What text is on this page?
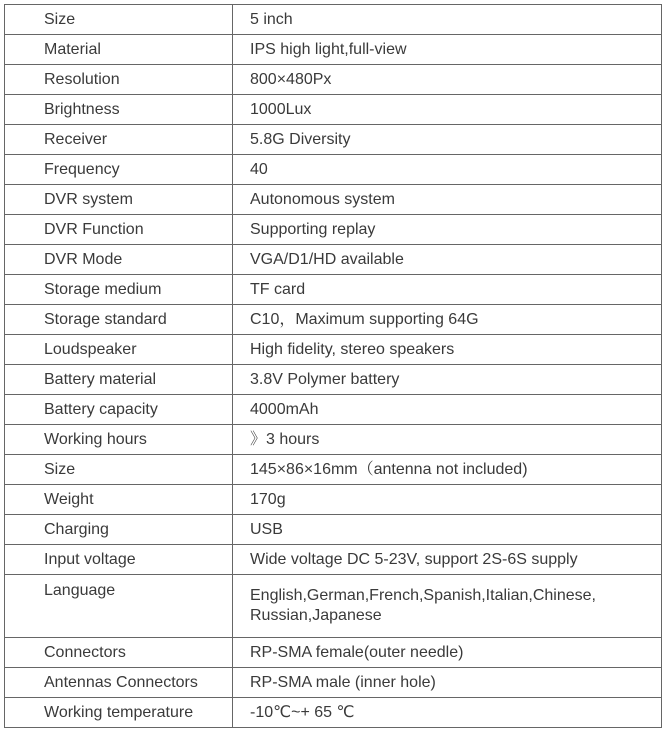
Size	5 inch
Material	IPS high light,full-view
Resolution	800×480Px
Brightness	1000Lux
Receiver	5.8G Diversity
Frequency	40
DVR system	Autonomous system
DVR Function	Supporting replay
DVR Mode	VGA/D1/HD available
Storage medium	TF card
Storage standard	C10，Maximum supporting 64G
Loudspeaker	High fidelity, stereo speakers
Battery material	3.8V Polymer battery
Battery capacity	4000mAh
Working hours	》3 hours
Size	145×86×16mm（antenna not included)
Weight	170g
Charging	USB
Input voltage	Wide voltage DC 5-23V, support 2S-6S supply
Language	English,German,French,Spanish,Italian,Chinese, Russian,Japanese
Connectors	RP-SMA female(outer needle)
Antennas Connectors	RP-SMA male (inner hole)
Working temperature	-10℃~+ 65 ℃
